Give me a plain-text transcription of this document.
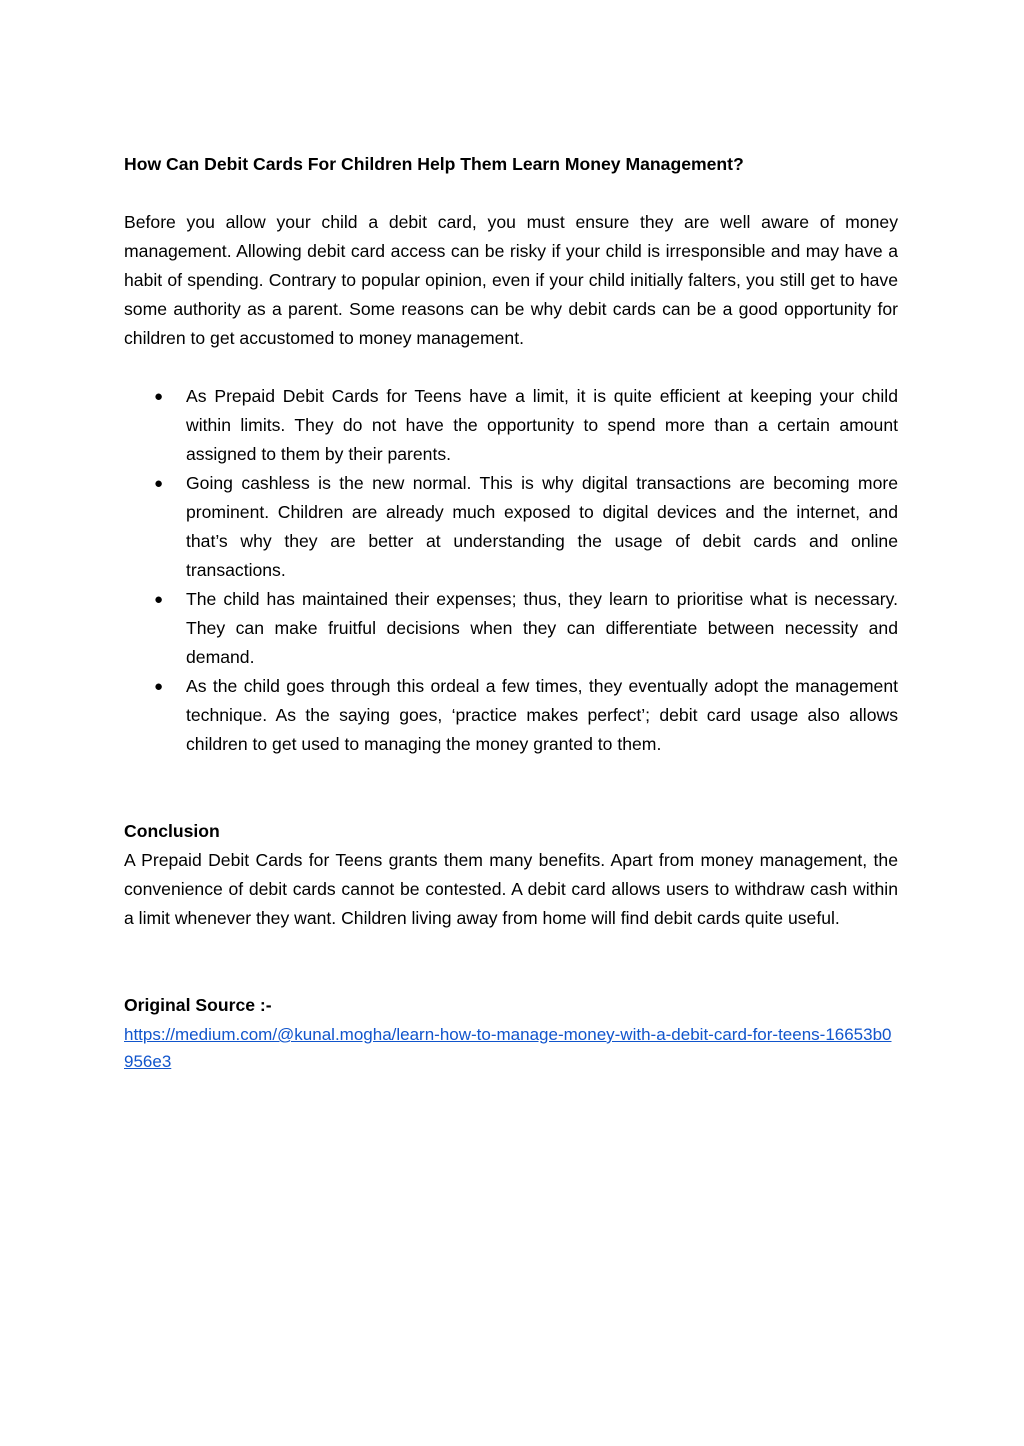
How Can Debit Cards For Children Help Them Learn Money Management?

Before you allow your child a debit card, you must ensure they are well aware of money management. Allowing debit card access can be risky if your child is irresponsible and may have a habit of spending. Contrary to popular opinion, even if your child initially falters, you still get to have some authority as a parent. Some reasons can be why debit cards can be a good opportunity for children to get accustomed to money management.

● As Prepaid Debit Cards for Teens have a limit, it is quite efficient at keeping your child within limits. They do not have the opportunity to spend more than a certain amount assigned to them by their parents.
● Going cashless is the new normal. This is why digital transactions are becoming more prominent. Children are already much exposed to digital devices and the internet, and that’s why they are better at understanding the usage of debit cards and online transactions.
● The child has maintained their expenses; thus, they learn to prioritise what is necessary. They can make fruitful decisions when they can differentiate between necessity and demand.
● As the child goes through this ordeal a few times, they eventually adopt the management technique. As the saying goes, ‘practice makes perfect’; debit card usage also allows children to get used to managing the money granted to them.

Conclusion

A Prepaid Debit Cards for Teens grants them many benefits. Apart from money management, the convenience of debit cards cannot be contested. A debit card allows users to withdraw cash within a limit whenever they want. Children living away from home will find debit cards quite useful.

Original Source :-

https://medium.com/@kunal.mogha/learn-how-to-manage-money-with-a-debit-card-for-teens-16653b0956e3
